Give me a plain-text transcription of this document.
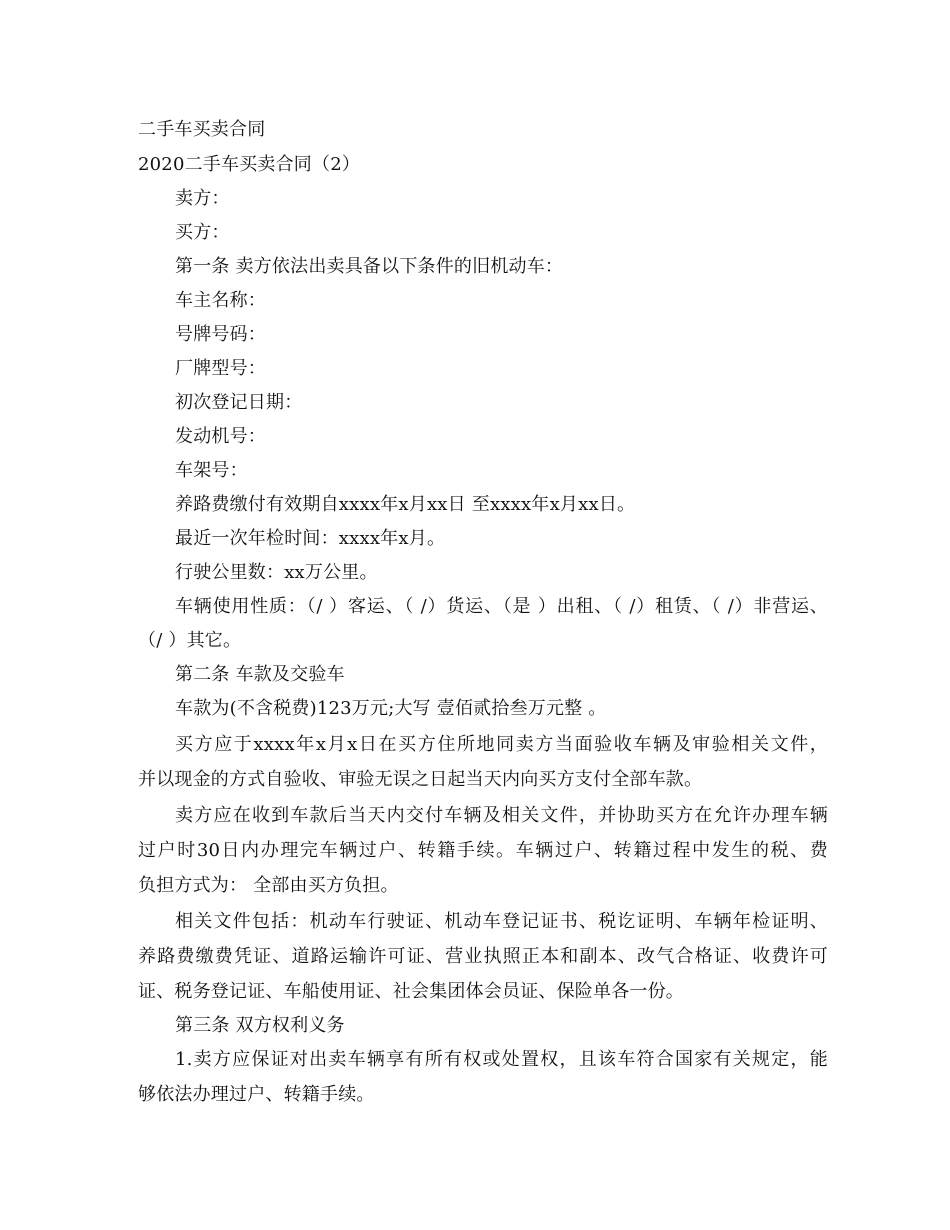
二手车买卖合同

2020二手车买卖合同（2）

卖方：

买方：

第一条 卖方依法出卖具备以下条件的旧机动车：

车主名称：

号牌号码：

厂牌型号：

初次登记日期：

发动机号：

车架号：

养路费缴付有效期自xxxx年x月xx日 至xxxx年x月xx日。

最近一次年检时间：xxxx年x月。

行驶公里数：xx万公里。

车辆使用性质：（/ ）客运、（ /）货运、（是 ）出租、（ /）租赁、（ /）非营运、

（/ ）其它。

第二条 车款及交验车

车款为(不含税费)123万元;大写 壹佰贰拾叁万元整 。

买方应于xxxx年x月x日在买方住所地同卖方当面验收车辆及审验相关文件，

并以现金的方式自验收、审验无误之日起当天内向买方支付全部车款。

卖方应在收到车款后当天内交付车辆及相关文件，并协助买方在允许办理车辆

过户时30日内办理完车辆过户、转籍手续。车辆过户、转籍过程中发生的税、费

负担方式为： 全部由买方负担。

相关文件包括：机动车行驶证、机动车登记证书、税讫证明、车辆年检证明、

养路费缴费凭证、道路运输许可证、营业执照正本和副本、改气合格证、收费许可

证、税务登记证、车船使用证、社会集团体会员证、保险单各一份。

第三条 双方权利义务

1.卖方应保证对出卖车辆享有所有权或处置权，且该车符合国家有关规定，能

够依法办理过户、转籍手续。
